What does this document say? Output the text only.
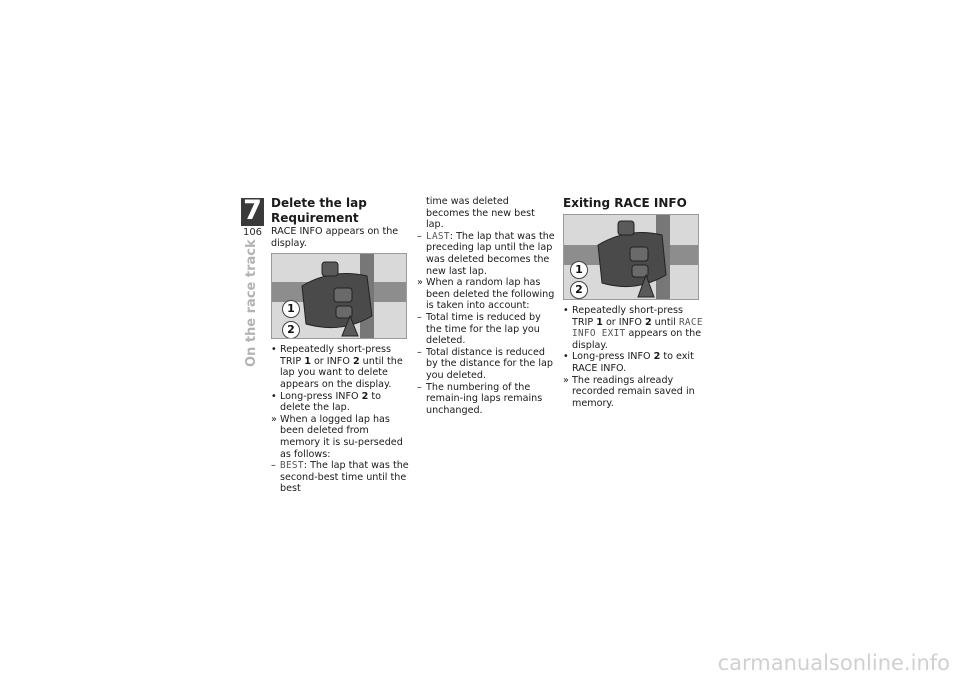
7
106
On the race track
Delete the lap Requirement

RACE INFO appears on the display.

1
2
• Repeatedly short-press TRIP 1 or INFO 2 until the lap you want to delete appears on the display.
• Long-press INFO 2 to delete the lap.
» When a logged lap has been deleted from memory it is su-perseded as follows:
– BEST: The lap that was the second-best time until the best

time was deleted becomes the new best lap.

– LAST: The lap that was the preceding lap until the lap was deleted becomes the new last lap.
» When a random lap has been deleted the following is taken into account:
– Total time is reduced by the time for the lap you deleted.
– Total distance is reduced by the distance for the lap you deleted.
– The numbering of the remain-ing laps remains unchanged.
Exiting RACE INFO
1
2
• Repeatedly short-press TRIP 1 or INFO 2 until RACE INFO EXIT appears on the display.
• Long-press INFO 2 to exit RACE INFO.
» The readings already recorded remain saved in memory.
carmanualsonline.info
